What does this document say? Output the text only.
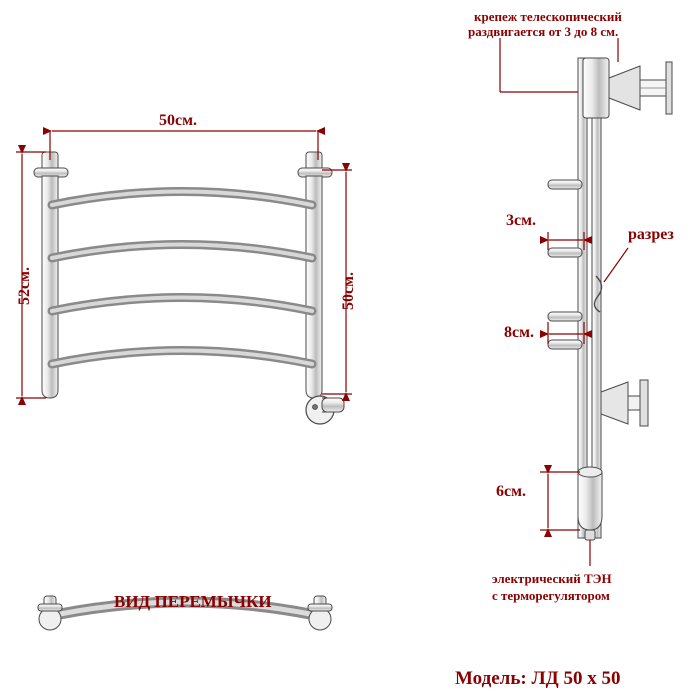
50см.
52см.	50см.
крепеж телескопический
раздвигается от 3 до 8 см.
3см.
разрез
8см.
6см.
электрический ТЭН
с терморегулятором
ВИД ПЕРЕМЫЧКИ
Модель: ЛД 50 х 50
